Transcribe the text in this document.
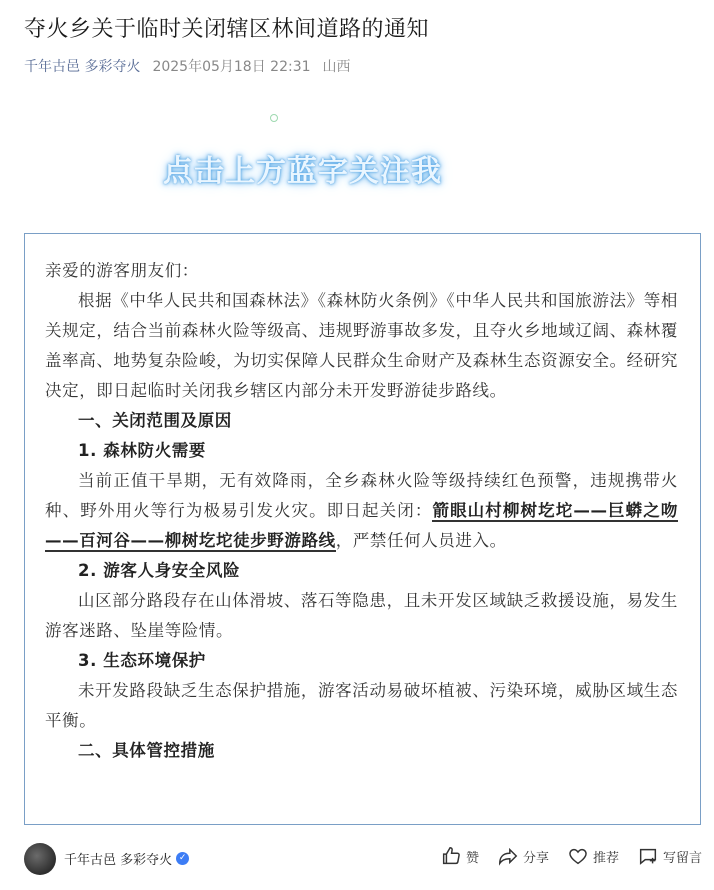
夺火乡关于临时关闭辖区林间道路的通知
千年古邑 多彩夺火 2025年05月18日 22:31 山西
点击上方蓝字关注我

亲爱的游客朋友们：

根据《中华人民共和国森林法》《森林防火条例》《中华人民共和国旅游法》等相关规定，结合当前森林火险等级高、违规野游事故多发，且夺火乡地域辽阔、森林覆盖率高、地势复杂险峻，为切实保障人民群众生命财产及森林生态资源安全。经研究决定，即日起临时关闭我乡辖区内部分未开发野游徒步路线。

一、关闭范围及原因

1. 森林防火需要

当前正值干旱期，无有效降雨，全乡森林火险等级持续红色预警，违规携带火种、野外用火等行为极易引发火灾。即日起关闭：箭眼山村柳树圪坨——巨蟒之吻——百河谷——柳树圪坨徒步野游路线，严禁任何人员进入。

2. 游客人身安全风险

山区部分路段存在山体滑坡、落石等隐患，且未开发区域缺乏救援设施，易发生游客迷路、坠崖等险情。

3. 生态环境保护

未开发路段缺乏生态保护措施，游客活动易破坏植被、污染环境，威胁区域生态平衡。

二、具体管控措施

千年古邑 多彩夺火 ✓	赞	分享	推荐	写留言
